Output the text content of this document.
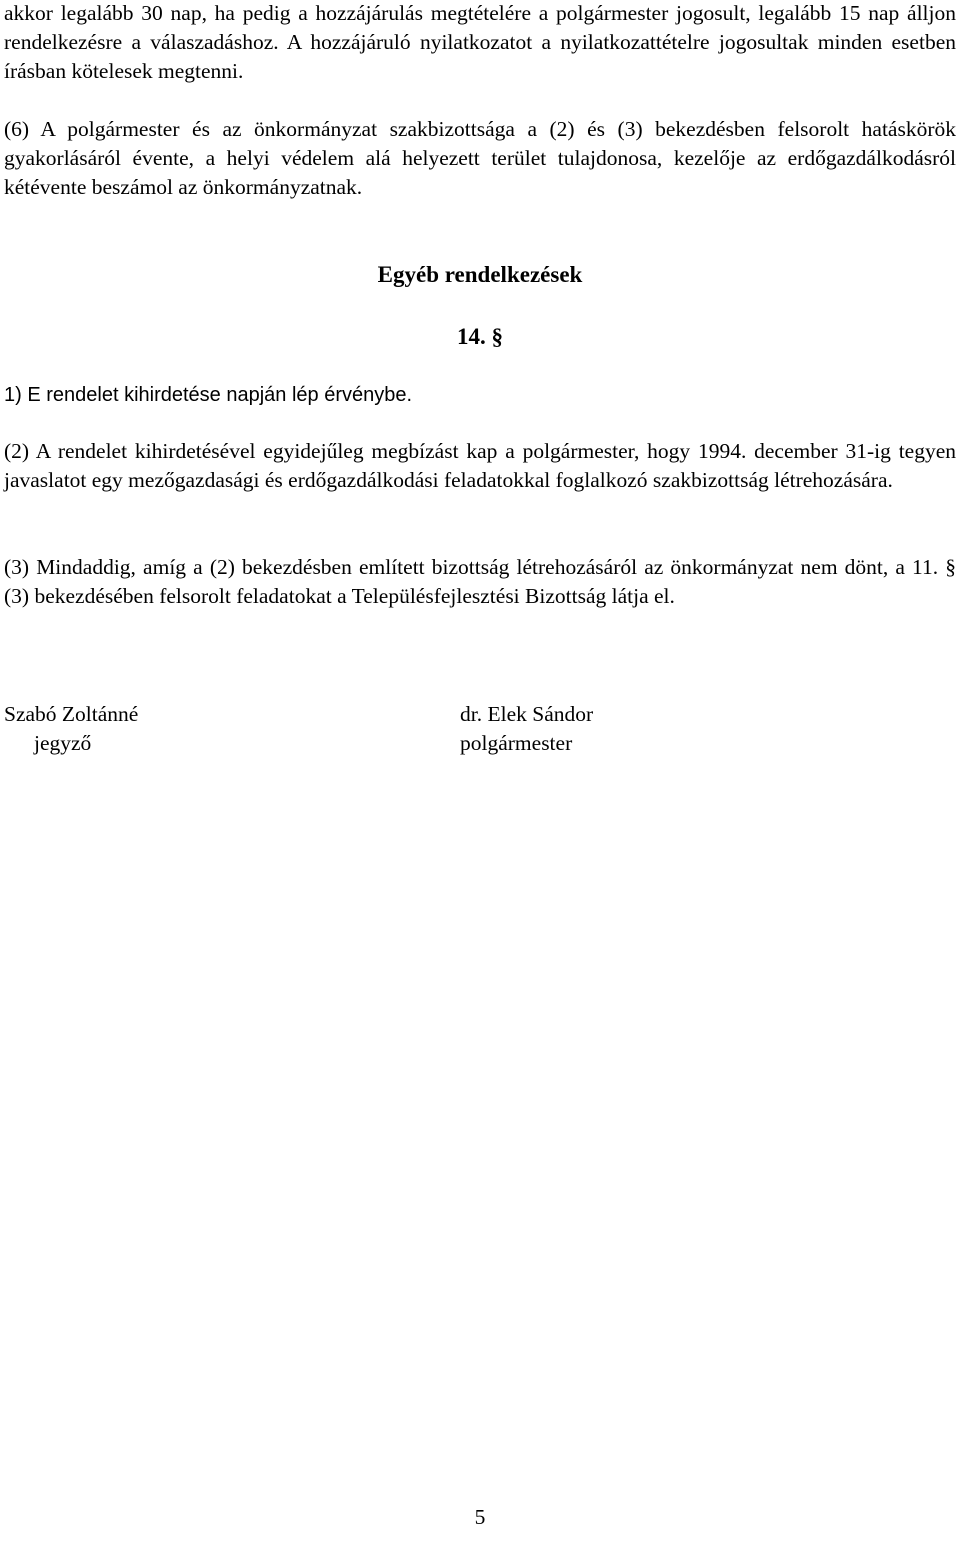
akkor legalább 30 nap, ha pedig a hozzájárulás megtételére a polgármester jogosult, legalább 15 nap álljon rendelkezésre a válaszadáshoz. A hozzájáruló nyilatkozatot a nyilatkozattételre jogosultak minden esetben írásban kötelesek megtenni.

(6) A polgármester és az önkormányzat szakbizottsága a (2) és (3) bekezdésben felsorolt hatáskörök gyakorlásáról évente, a helyi védelem alá helyezett terület tulajdonosa, kezelője az erdőgazdálkodásról kétévente beszámol az önkormányzatnak.

Egyéb rendelkezések

14. §

1) E rendelet kihirdetése napján lép érvénybe.

(2) A rendelet kihirdetésével egyidejűleg megbízást kap a polgármester, hogy 1994. december 31-ig tegyen javaslatot egy mezőgazdasági és erdőgazdálkodási feladatokkal foglalkozó szakbizottság létrehozására.

(3) Mindaddig, amíg a (2) bekezdésben említett bizottság létrehozásáról az önkormányzat nem dönt, a 11. § (3) bekezdésében felsorolt feladatokat a Településfejlesztési Bizottság látja el.

Szabó Zoltánné

jegyző

dr. Elek Sándor

polgármester

5
